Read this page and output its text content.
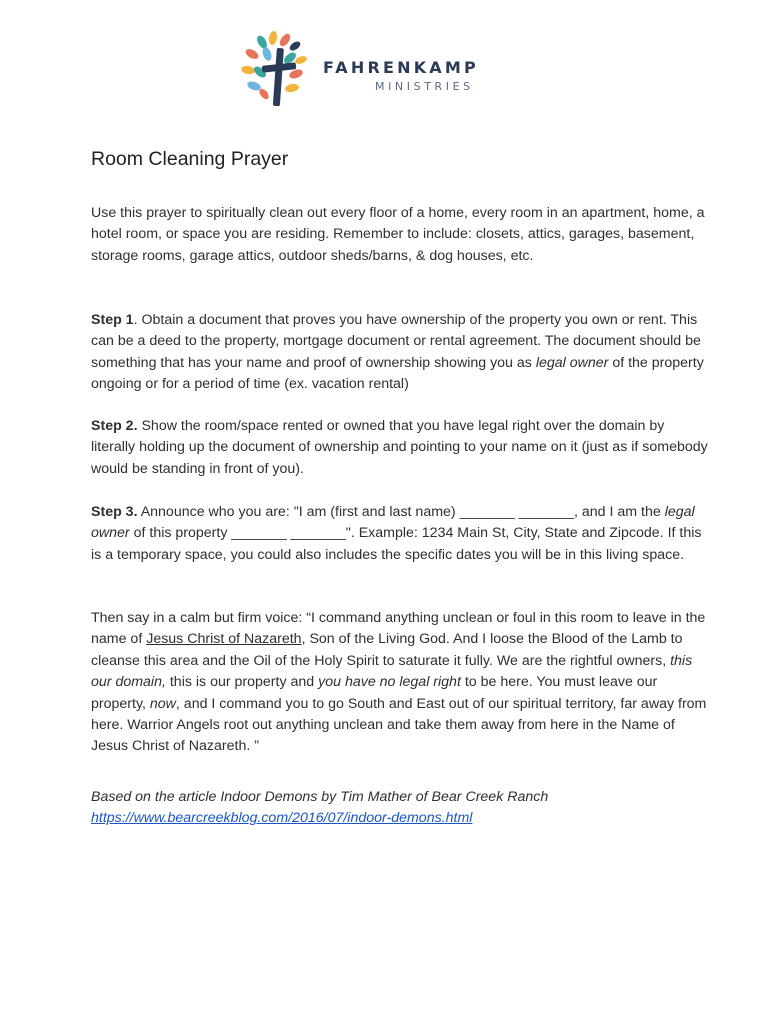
FAHRENKAMP
MINISTRIES
Room Cleaning Prayer

Use this prayer to spiritually clean out every floor of a home, every room in an apartment, home, a hotel room, or space you are residing. Remember to include: closets, attics, garages, basement, storage rooms, garage attics, outdoor sheds/barns, & dog houses, etc.

Step 1. Obtain a document that proves you have ownership of the property you own or rent. This can be a deed to the property, mortgage document or rental agreement. The document should be something that has your name and proof of ownership showing you as legal owner of the property ongoing or for a period of time (ex. vacation rental)

Step 2. Show the room/space rented or owned that you have legal right over the domain by literally holding up the document of ownership and pointing to your name on it (just as if somebody would be standing in front of you).

Step 3. Announce who you are: "I am (first and last name) _______ _______, and I am the legal owner of this property _______ _______". Example: 1234 Main St, City, State and Zipcode. If this is a temporary space, you could also includes the specific dates you will be in this living space.

Then say in a calm but firm voice: “I command anything unclean or foul in this room to leave in the name of Jesus Christ of Nazareth, Son of the Living God. And I loose the Blood of the Lamb to cleanse this area and the Oil of the Holy Spirit to saturate it fully. We are the rightful owners, this our domain, this is our property and you have no legal right to be here. You must leave our property, now, and I command you to go South and East out of our spiritual territory, far away from here. Warrior Angels root out anything unclean and take them away from here in the Name of Jesus Christ of Nazareth. ”

Based on the article Indoor Demons by Tim Mather of Bear Creek Ranch
https://www.bearcreekblog.com/2016/07/indoor-demons.html
